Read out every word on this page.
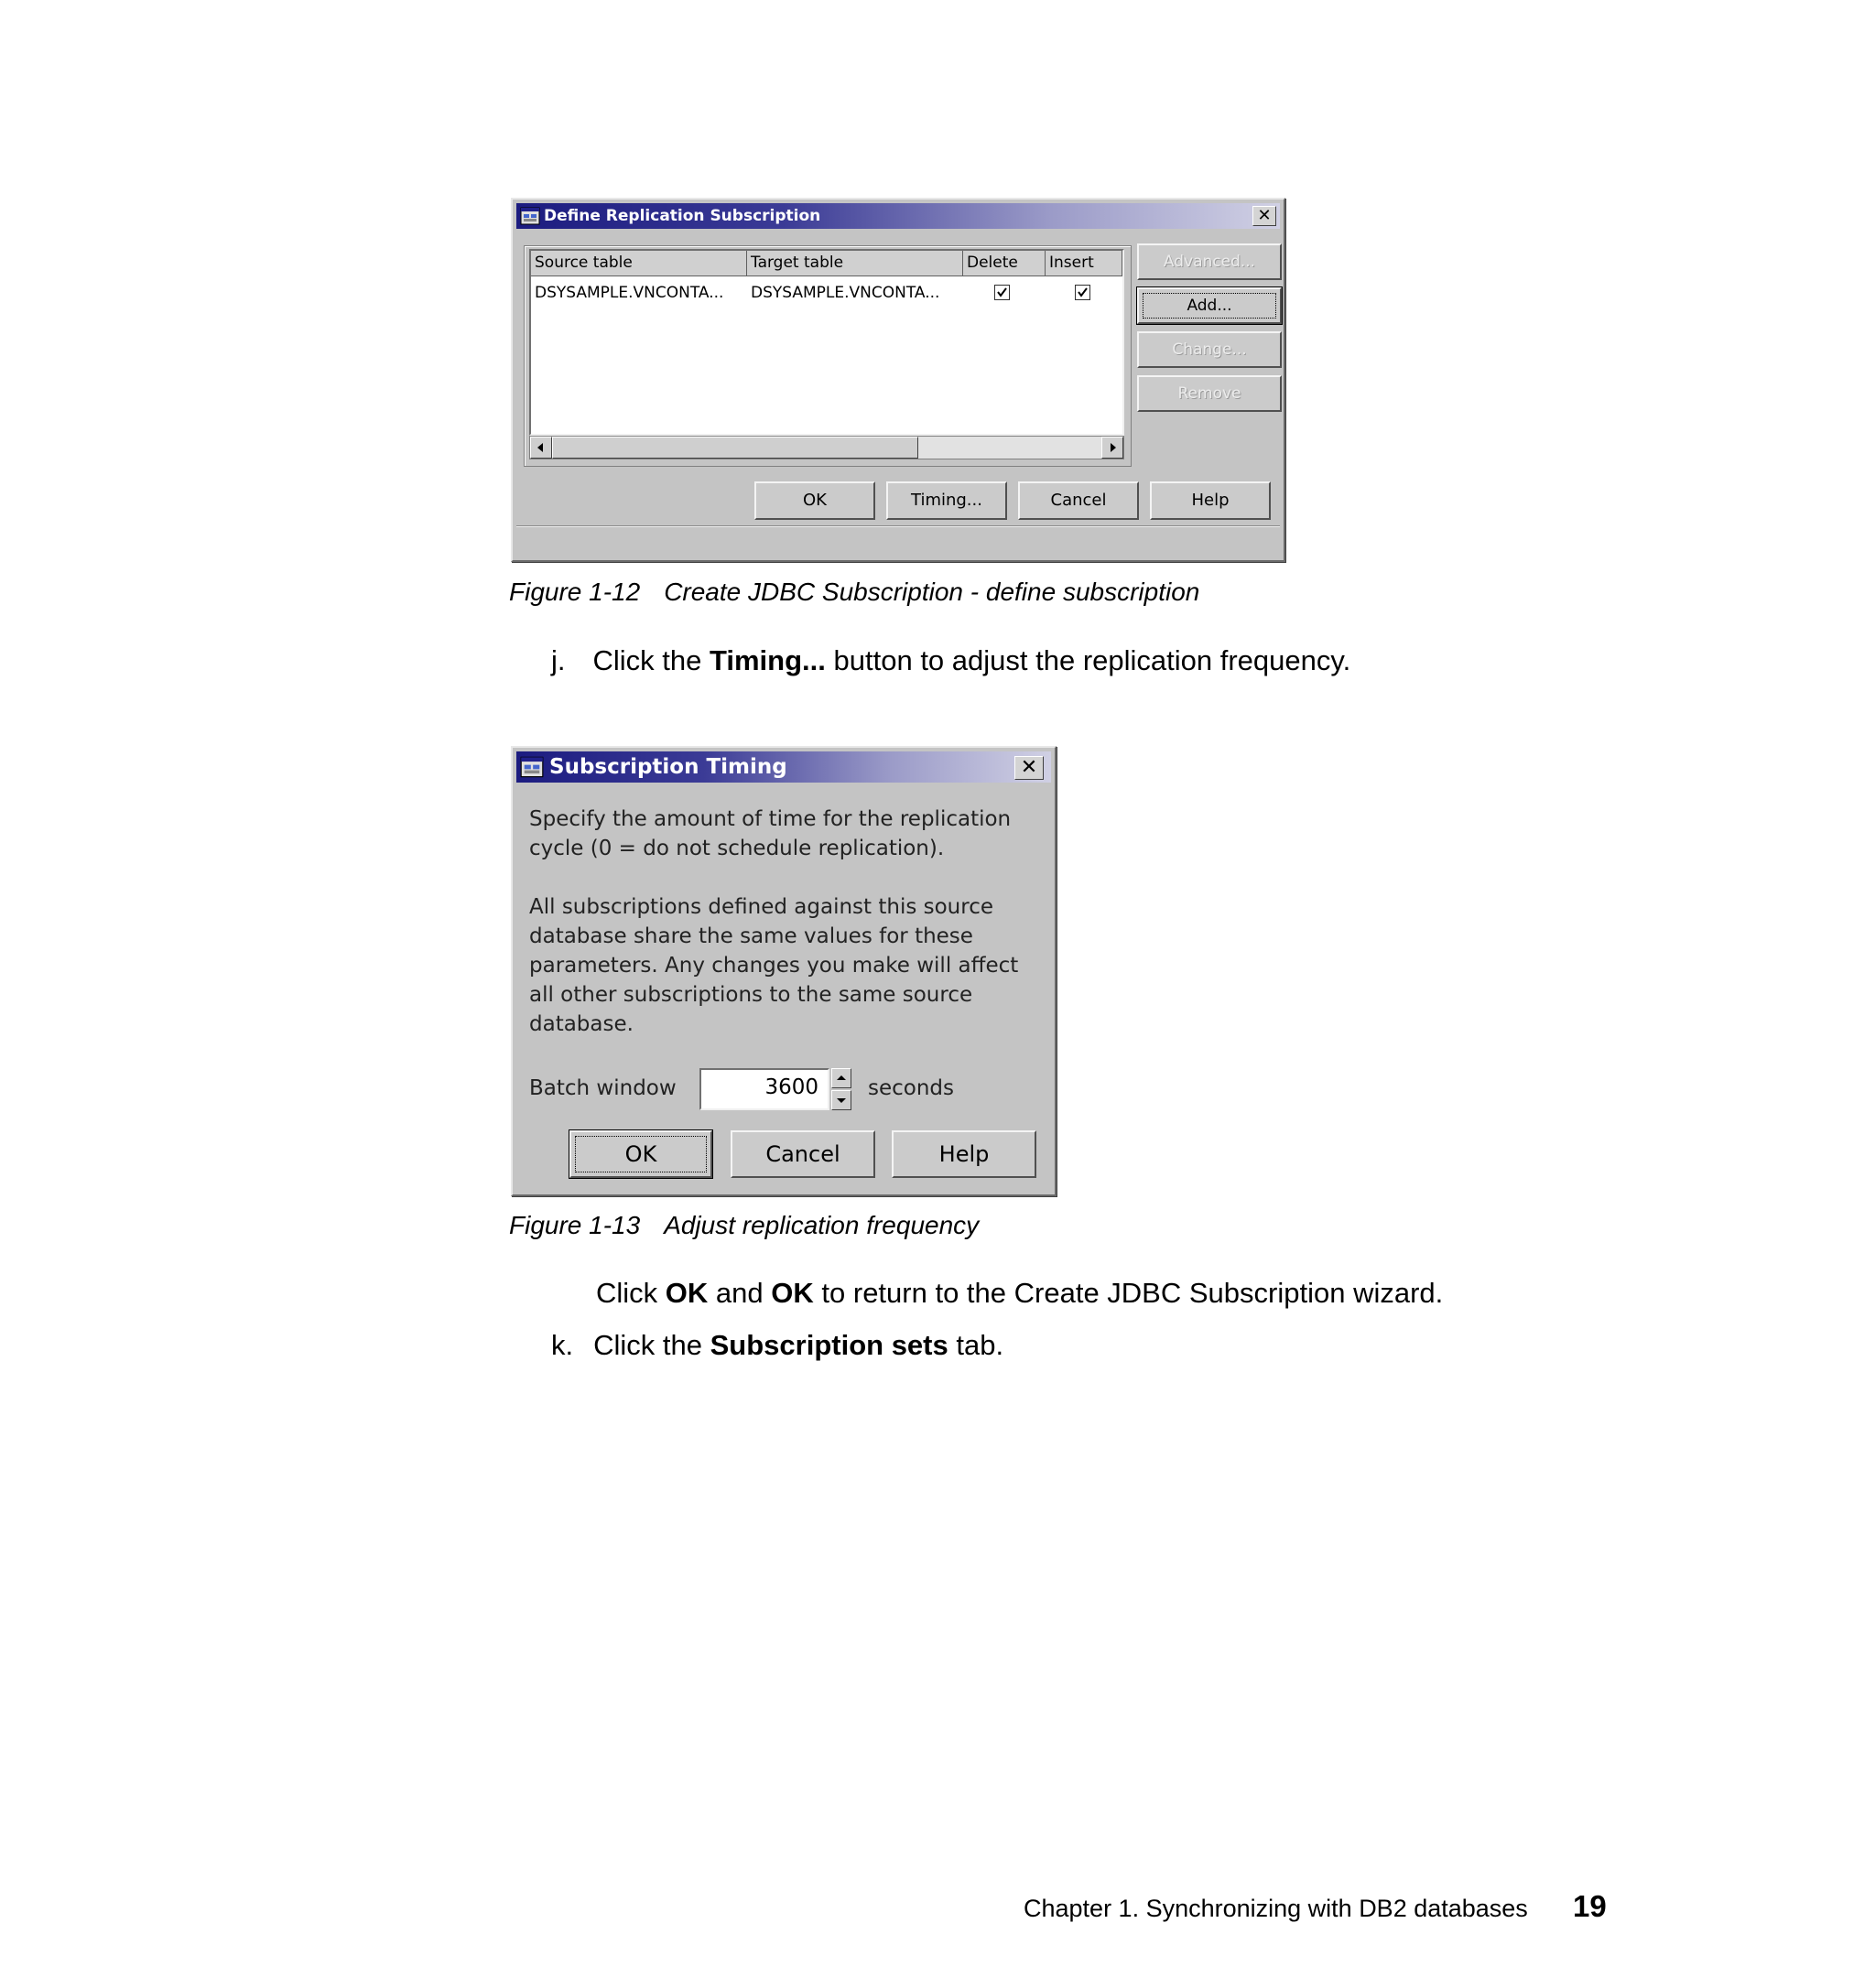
Define Replication Subscription	✕
Source table	Target table	Delete	Insert
DSYSAMPLE.VNCONTA... DSYSAMPLE.VNCONTA...
Advanced...
Add...
Change...
Remove
OK	Timing...	Cancel	Help
Figure 1-12 Create JDBC Subscription - define subscription
j. Click the Timing... button to adjust the replication frequency.
Subscription Timing	✕
Specify the amount of time for the replication
cycle (0 = do not schedule replication).
All subscriptions defined against this source
database share the same values for these
parameters. Any changes you make will affect
all other subscriptions to the same source
database.
Batch window	3600 seconds
OK	Cancel	Help
Figure 1-13 Adjust replication frequency
Click OK and OK to return to the Create JDBC Subscription wizard.
k. Click the Subscription sets tab.
Chapter 1. Synchronizing with DB2 databases 19
